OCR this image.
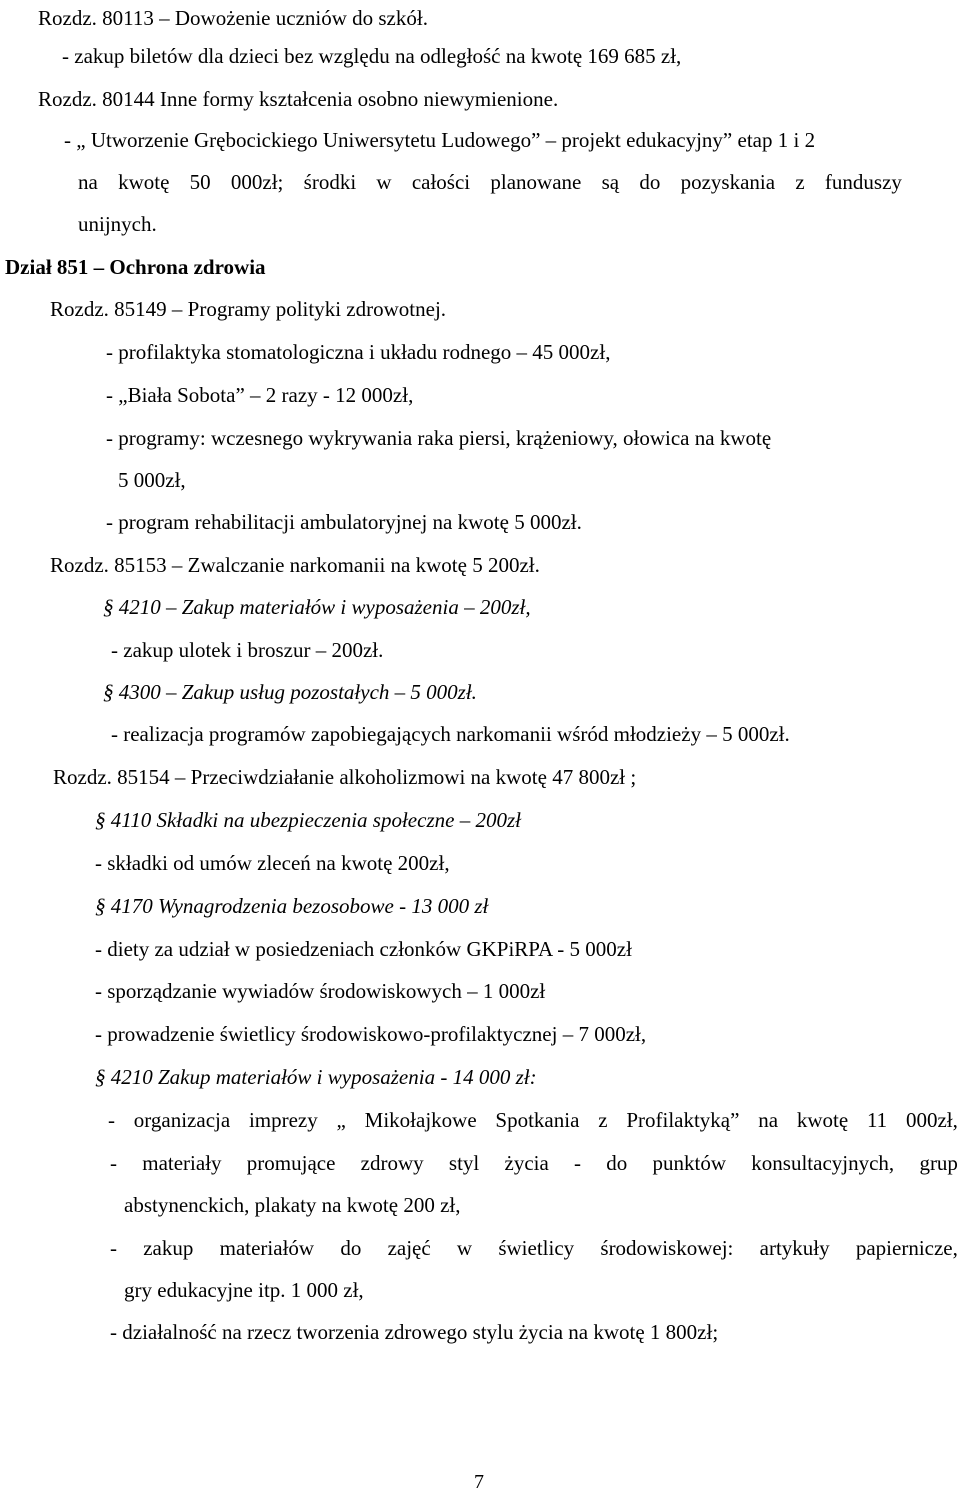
Rozdz. 80113 – Dowożenie uczniów do szkół.
- zakup biletów dla dzieci bez względu na odległość na kwotę 169 685 zł,
Rozdz. 80144 Inne formy kształcenia osobno niewymienione.
- „ Utworzenie Grębocickiego Uniwersytetu Ludowego” – projekt edukacyjny” etap 1 i 2
na kwotę 50 000zł; środki w całości planowane są do pozyskania z funduszy
unijnych.
Dział 851 – Ochrona zdrowia
Rozdz. 85149 – Programy polityki zdrowotnej.
- profilaktyka stomatologiczna i układu rodnego – 45 000zł,
- „Biała Sobota” – 2 razy - 12 000zł,
- programy: wczesnego wykrywania raka piersi, krążeniowy, ołowica na kwotę
5 000zł,
- program rehabilitacji ambulatoryjnej na kwotę 5 000zł.
Rozdz. 85153 – Zwalczanie narkomanii na kwotę 5 200zł.
§ 4210 – Zakup materiałów i wyposażenia – 200zł,
- zakup ulotek i broszur – 200zł.
§ 4300 – Zakup usług pozostałych – 5 000zł.
- realizacja programów zapobiegających narkomanii wśród młodzieży – 5 000zł.
Rozdz. 85154 – Przeciwdziałanie alkoholizmowi na kwotę 47 800zł ;
§ 4110 Składki na ubezpieczenia społeczne – 200zł
- składki od umów zleceń na kwotę 200zł,
§ 4170 Wynagrodzenia bezosobowe - 13 000 zł
- diety za udział w posiedzeniach członków GKPiRPA - 5 000zł
- sporządzanie wywiadów środowiskowych – 1 000zł
- prowadzenie świetlicy środowiskowo-profilaktycznej – 7 000zł,
§ 4210 Zakup materiałów i wyposażenia - 14 000 zł:
- organizacja imprezy „ Mikołajkowe Spotkania z Profilaktyką” na kwotę 11 000zł,
- materiały promujące zdrowy styl życia - do punktów konsultacyjnych, grup
abstynenckich, plakaty na kwotę 200 zł,
- zakup materiałów do zajęć w świetlicy środowiskowej: artykuły papiernicze,
gry edukacyjne itp. 1 000 zł,
- działalność na rzecz tworzenia zdrowego stylu życia na kwotę 1 800zł;
7
